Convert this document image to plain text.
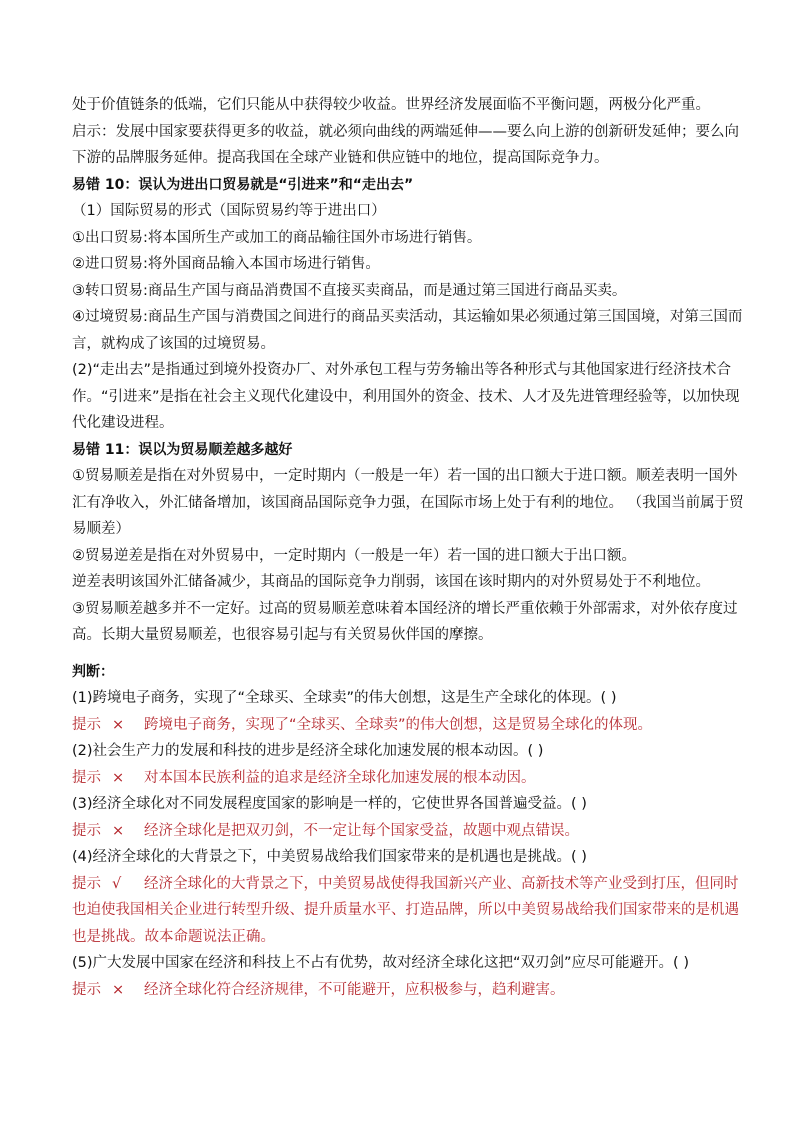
处于价值链条的低端，它们只能从中获得较少收益。世界经济发展面临不平衡问题，两极分化严重。
启示：发展中国家要获得更多的收益，就必须向曲线的两端延伸——要么向上游的创新研发延伸；要么向
下游的品牌服务延伸。提高我国在全球产业链和供应链中的地位，提高国际竞争力。
易错 10：误认为进出口贸易就是“引进来”和“走出去”
（1）国际贸易的形式（国际贸易约等于进出口）
①出口贸易:将本国所生产或加工的商品输往国外市场进行销售。
②进口贸易:将外国商品输入本国市场进行销售。
③转口贸易:商品生产国与商品消费国不直接买卖商品，而是通过第三国进行商品买卖。
④过境贸易:商品生产国与消费国之间进行的商品买卖活动，其运输如果必须通过第三国国境，对第三国而
言，就构成了该国的过境贸易。
(2)“走出去”是指通过到境外投资办厂、对外承包工程与劳务输出等各种形式与其他国家进行经济技术合
作。“引进来”是指在社会主义现代化建设中，利用国外的资金、技术、人才及先进管理经验等，以加快现
代化建设进程。
易错 11：误以为贸易顺差越多越好
①贸易顺差是指在对外贸易中，一定时期内（一般是一年）若一国的出口额大于进口额。顺差表明一国外
汇有净收入，外汇储备增加，该国商品国际竞争力强，在国际市场上处于有利的地位。 （我国当前属于贸
易顺差）
②贸易逆差是指在对外贸易中，一定时期内（一般是一年）若一国的进口额大于出口额。
逆差表明该国外汇储备减少，其商品的国际竞争力削弱，该国在该时期内的对外贸易处于不利地位。
③贸易顺差越多并不一定好。过高的贸易顺差意味着本国经济的增长严重依赖于外部需求，对外依存度过
高。长期大量贸易顺差，也很容易引起与有关贸易伙伴国的摩擦。
判断：
(1)跨境电子商务，实现了“全球买、全球卖”的伟大创想，这是生产全球化的体现。( )
提示 × 跨境电子商务，实现了“全球买、全球卖”的伟大创想，这是贸易全球化的体现。
(2)社会生产力的发展和科技的进步是经济全球化加速发展的根本动因。( )
提示 × 对本国本民族利益的追求是经济全球化加速发展的根本动因。
(3)经济全球化对不同发展程度国家的影响是一样的，它使世界各国普遍受益。( )
提示 × 经济全球化是把双刃剑，不一定让每个国家受益，故题中观点错误。
(4)经济全球化的大背景之下，中美贸易战给我们国家带来的是机遇也是挑战。( )
提示 √ 经济全球化的大背景之下，中美贸易战使得我国新兴产业、高新技术等产业受到打压，但同时
也迫使我国相关企业进行转型升级、提升质量水平、打造品牌，所以中美贸易战给我们国家带来的是机遇
也是挑战。故本命题说法正确。
(5)广大发展中国家在经济和科技上不占有优势，故对经济全球化这把“双刃剑”应尽可能避开。( )
提示 × 经济全球化符合经济规律，不可能避开，应积极参与，趋利避害。
